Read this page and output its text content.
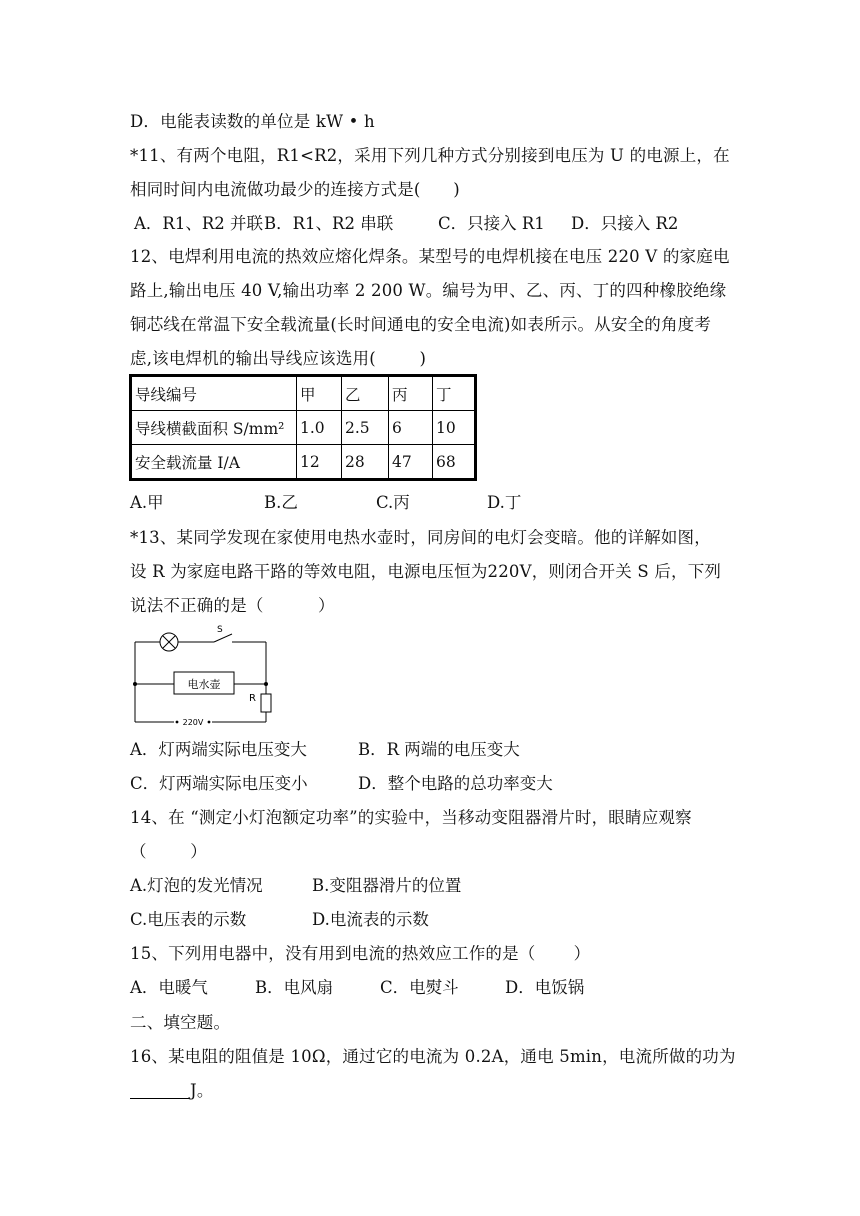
D．电能表读数的单位是 kW • h
*11、有两个电阻，R1<R2，采用下列几种方式分别接到电压为 U 的电源上，在
相同时间内电流做功最少的连接方式是(      )
A．R1、R2 并联 B．R1、R2 串联	C．只接入 R1 D．只接入 R2
12、电焊利用电流的热效应熔化焊条。某型号的电焊机接在电压 220 V 的家庭电
路上,输出电压 40 V,输出功率 2 200 W。编号为甲、乙、丙、丁的四种橡胶绝缘
铜芯线在常温下安全载流量(长时间通电的安全电流)如表所示。从安全的角度考
虑,该电焊机的输出导线应该选用(        )
导线编号	甲	乙	丙	丁
导线横截面积 S/mm²	1.0	2.5	6	10
安全载流量 I/A	12	28	47	68
A.甲	B.乙	C.丙	D.丁
*13、某同学发现在家使用电热水壶时，同房间的电灯会变暗。他的详解如图，
设 R 为家庭电路干路的等效电阻，电源电压恒为220V，则闭合开关 S 后，下列
说法不正确的是（          ）
S
电水壶
R
220V
A．灯两端实际电压变大	B．R 两端的电压变大
C．灯两端实际电压变小	D．整个电路的总功率变大
14、在 “测定小灯泡额定功率”的实验中，当移动变阻器滑片时，眼睛应观察
（        ）
A.灯泡的发光情况	B.变阻器滑片的位置
C.电压表的示数	D.电流表的示数
15、下列用电器中，没有用到电流的热效应工作的是（       ）
A．电暖气	B．电风扇	C．电熨斗	D．电饭锅
二、填空题。
16、某电阻的阻值是 10Ω，通过它的电流为 0.2A，通电 5min，电流所做的功为
J。
